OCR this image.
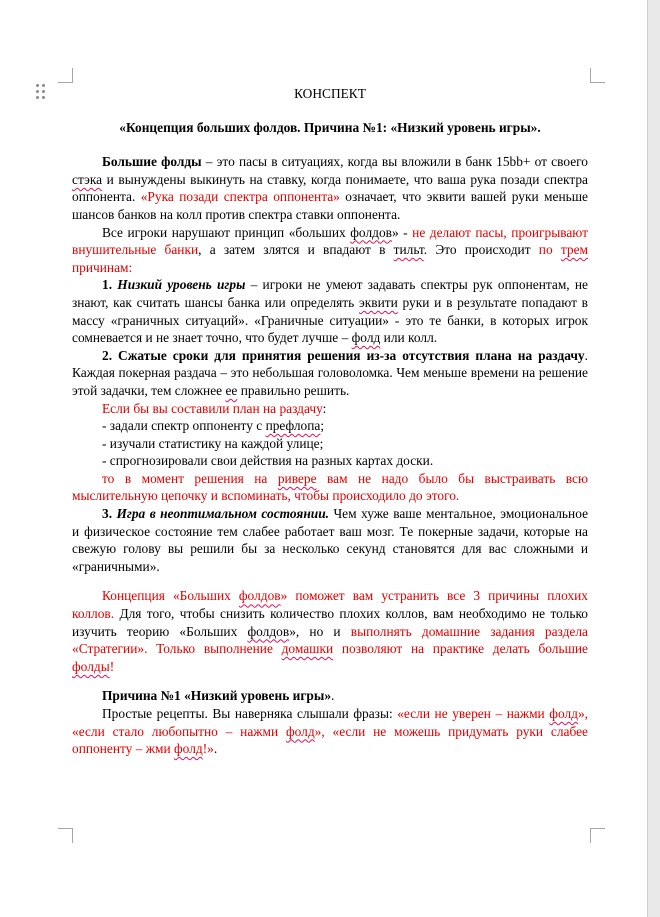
КОНСПЕКТ
«Концепция больших фолдов. Причина №1: «Низкий уровень игры».

Большие фолды – это пасы в ситуациях, когда вы вложили в банк 15bb+ от своего стэка и вынуждены выкинуть на ставку, когда понимаете, что ваша рука позади спектра оппонента. «Рука позади спектра оппонента» означает, что эквити вашей руки меньше шансов банков на колл против спектра ставки оппонента.

Все игроки нарушают принцип «больших фолдов» - не делают пасы, проигрывают внушительные банки, а затем злятся и впадают в тильт. Это происходит по трем причинам:

1. Низкий уровень игры – игроки не умеют задавать спектры рук оппонентам, не знают, как считать шансы банка или определять эквити руки и в результате попадают в массу «граничных ситуаций». «Граничные ситуации» - это те банки, в которых игрок сомневается и не знает точно, что будет лучше – фолд или колл.

2. Сжатые сроки для принятия решения из-за отсутствия плана на раздачу. Каждая покерная раздача – это небольшая головоломка. Чем меньше времени на решение этой задачки, тем сложнее ее правильно решить.

Если бы вы составили план на раздачу:

- задали спектр оппоненту с префлопа;

- изучали статистику на каждой улице;

- спрогнозировали свои действия на разных картах доски.

то в момент решения на ривере вам не надо было бы выстраивать всю мыслительную цепочку и вспоминать, чтобы происходило до этого.

3. Игра в неоптимальном состоянии. Чем хуже ваше ментальное, эмоциональное и физическое состояние тем слабее работает ваш мозг. Те покерные задачи, которые на свежую голову вы решили бы за несколько секунд становятся для вас сложными и «граничными».

Концепция «Больших фолдов» поможет вам устранить все 3 причины плохих коллов. Для того, чтобы снизить количество плохих коллов, вам необходимо не только изучить теорию «Больших фолдов», но и выполнять домашние задания раздела «Стратегии». Только выполнение домашки позволяют на практике делать большие фолды!

Причина №1 «Низкий уровень игры».

Простые рецепты. Вы наверняка слышали фразы: «если не уверен – нажми фолд», «если стало любопытно – нажми фолд», «если не можешь придумать руки слабее оппоненту – жми фолд!».
